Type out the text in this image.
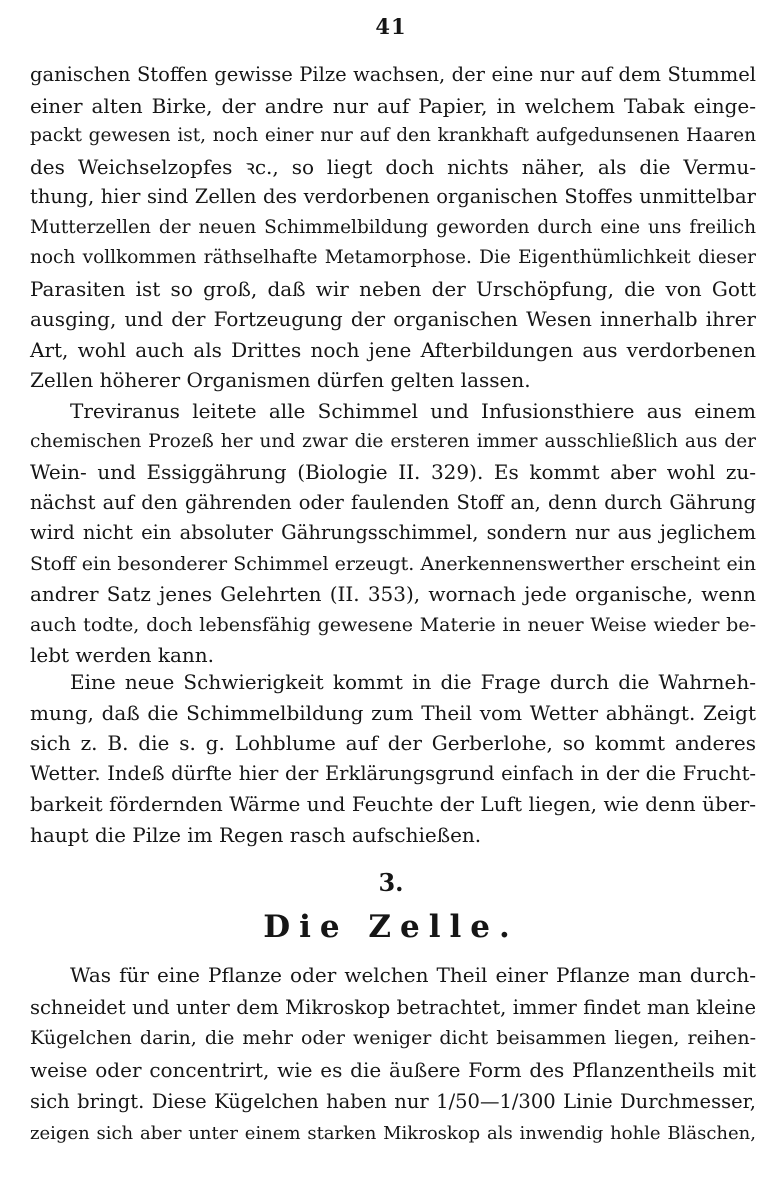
41
ganischen Stoffen gewisse Pilze wachsen, der eine nur auf dem Stummel
einer alten Birke, der andre nur auf Papier, in welchem Tabak einge-
packt gewesen ist, noch einer nur auf den krankhaft aufgedunsenen Haaren
des Weichselzopfes ꝛc., so liegt doch nichts näher, als die Vermu-
thung, hier sind Zellen des verdorbenen organischen Stoffes unmittelbar
Mutterzellen der neuen Schimmelbildung geworden durch eine uns freilich
noch vollkommen räthselhafte Metamorphose. Die Eigenthümlichkeit dieser
Parasiten ist so groß, daß wir neben der Urschöpfung, die von Gott
ausging, und der Fortzeugung der organischen Wesen innerhalb ihrer
Art, wohl auch als Drittes noch jene Afterbildungen aus verdorbenen
Zellen höherer Organismen dürfen gelten lassen.
Treviranus leitete alle Schimmel und Infusionsthiere aus einem
chemischen Prozeß her und zwar die ersteren immer ausschließlich aus der
Wein- und Essiggährung (Biologie II. 329). Es kommt aber wohl zu-
nächst auf den gährenden oder faulenden Stoff an, denn durch Gährung
wird nicht ein absoluter Gährungsschimmel, sondern nur aus jeglichem
Stoff ein besonderer Schimmel erzeugt. Anerkennenswerther erscheint ein
andrer Satz jenes Gelehrten (II. 353), wornach jede organische, wenn
auch todte, doch lebensfähig gewesene Materie in neuer Weise wieder be-
lebt werden kann.
Eine neue Schwierigkeit kommt in die Frage durch die Wahrneh-
mung, daß die Schimmelbildung zum Theil vom Wetter abhängt. Zeigt
sich z. B. die s. g. Lohblume auf der Gerberlohe, so kommt anderes
Wetter. Indeß dürfte hier der Erklärungsgrund einfach in der die Frucht-
barkeit fördernden Wärme und Feuchte der Luft liegen, wie denn über-
haupt die Pilze im Regen rasch aufschießen.
3.
Die Zelle.
Was für eine Pflanze oder welchen Theil einer Pflanze man durch-
schneidet und unter dem Mikroskop betrachtet, immer findet man kleine
Kügelchen darin, die mehr oder weniger dicht beisammen liegen, reihen-
weise oder concentrirt, wie es die äußere Form des Pflanzentheils mit
sich bringt. Diese Kügelchen haben nur 1/50—1/300 Linie Durchmesser,
zeigen sich aber unter einem starken Mikroskop als inwendig hohle Bläschen,
